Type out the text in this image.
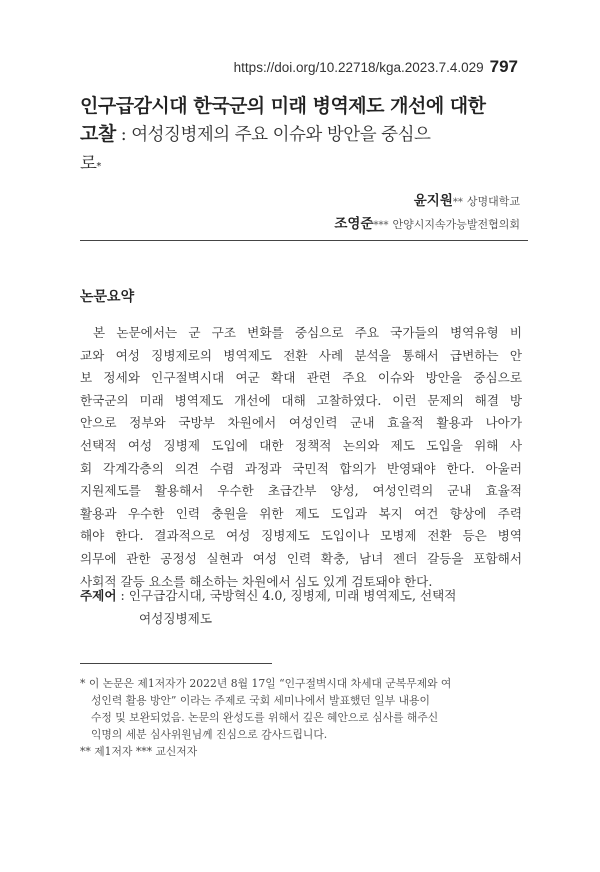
https://doi.org/10.22718/kga.2023.7.4.029 797
인구급감시대 한국군의 미래 병역제도 개선에 대한
고찰 : 여성징병제의 주요 이슈와 방안을 중심으
로*
윤지원** 상명대학교
조영준*** 안양시지속가능발전협의회
논문요약
본 논문에서는 군 구조 변화를 중심으로 주요 국가들의 병역유형 비
교와 여성 징병제로의 병역제도 전환 사례 분석을 통해서 급변하는 안
보 정세와 인구절벽시대 여군 확대 관련 주요 이슈와 방안을 중심으로
한국군의 미래 병역제도 개선에 대해 고찰하였다. 이런 문제의 해결 방
안으로 정부와 국방부 차원에서 여성인력 군내 효율적 활용과 나아가
선택적 여성 징병제 도입에 대한 정책적 논의와 제도 도입을 위해 사
회 각계각층의 의견 수렴 과정과 국민적 합의가 반영돼야 한다. 아울러
지원제도를 활용해서 우수한 초급간부 양성, 여성인력의 군내 효율적
활용과 우수한 인력 충원을 위한 제도 도입과 복지 여건 향상에 주력
해야 한다. 결과적으로 여성 징병제도 도입이나 모병제 전환 등은 병역
의무에 관한 공정성 실현과 여성 인력 확충, 남녀 젠더 갈등을 포함해서
사회적 갈등 요소를 해소하는 차원에서 심도 있게 검토돼야 한다.
주제어 : 인구급감시대, 국방혁신 4.0, 징병제, 미래 병역제도, 선택적
여성징병제도
* 이 논문은 제1저자가 2022년 8월 17일 “인구절벽시대 차세대 군복무제와 여
성인력 활용 방안” 이라는 주제로 국회 세미나에서 발표했던 일부 내용이
수정 및 보완되었음. 논문의 완성도를 위해서 깊은 혜안으로 심사를 해주신
익명의 세분 심사위원님께 진심으로 감사드립니다.
** 제1저자 *** 교신저자
